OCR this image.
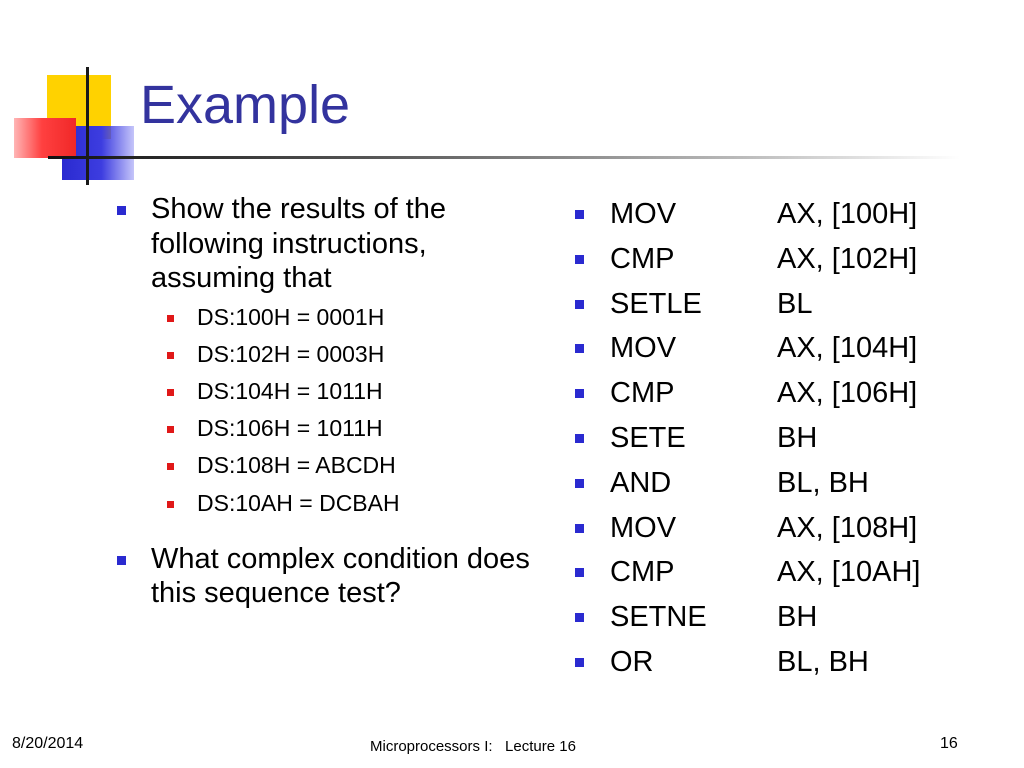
Example
Show the results of the following instructions, assuming that
DS:100H = 0001H
DS:102H = 0003H
DS:104H = 1011H
DS:106H = 1011H
DS:108H = ABCDH
DS:10AH = DCBAH
What complex condition does this sequence test?
MOV	AX, [100H]
CMP	AX, [102H]
SETLE	BL
MOV	AX, [104H]
CMP	AX, [106H]
SETE	BH
AND	BL, BH
MOV	AX, [108H]
CMP	AX, [10AH]
SETNE BH
OR	BL, BH
8/20/2014	Microprocessors I:   Lecture 16	16
